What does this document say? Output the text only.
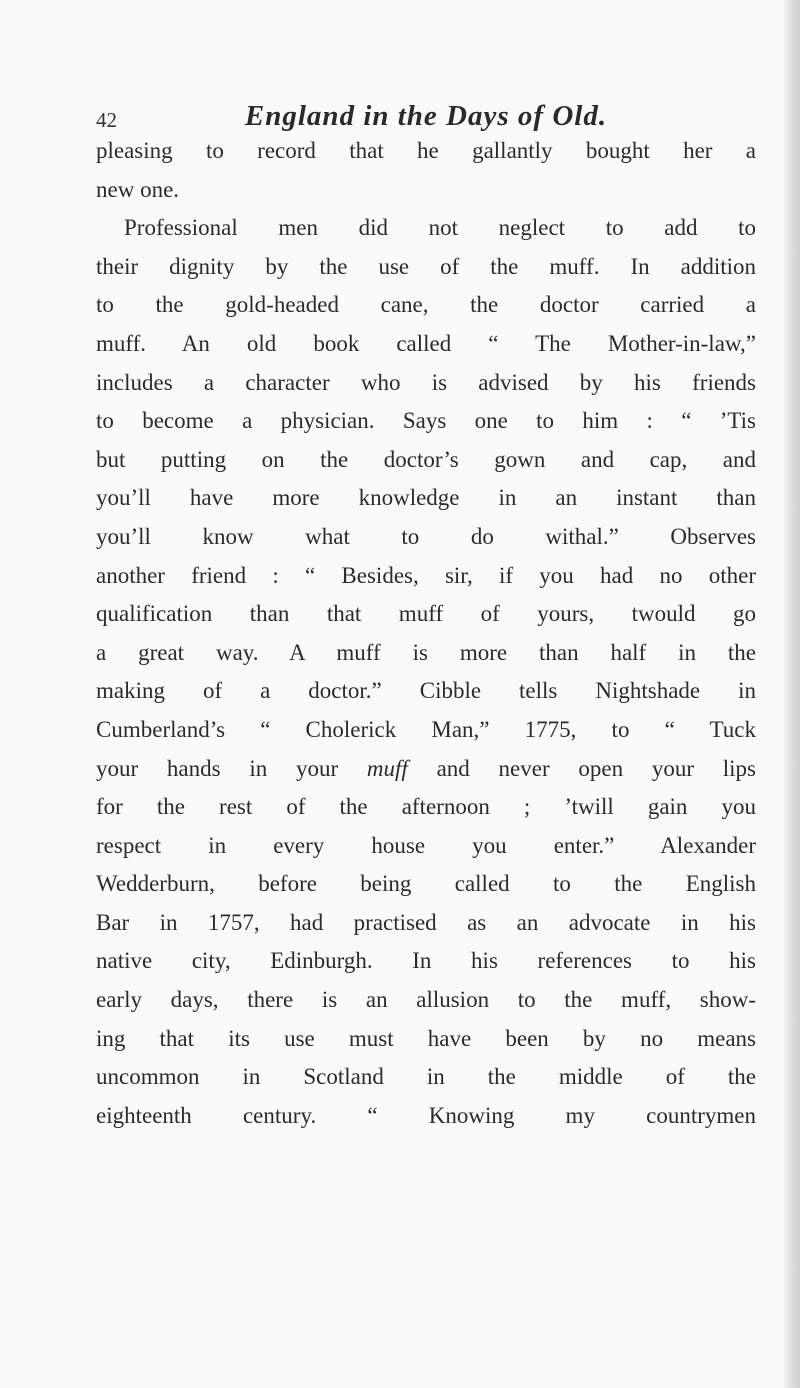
42	England in the Days of Old.
pleasing to record that he gallantly bought her a
new one.
Professional men did not neglect to add to
their dignity by the use of the muff. In addition
to the gold-headed cane, the doctor carried a
muff. An old book called “ The Mother-in-law,”
includes a character who is advised by his friends
to become a physician. Says one to him : “ ’Tis
but putting on the doctor’s gown and cap, and
you’ll have more knowledge in an instant than
you’ll know what to do withal.” Observes
another friend : “ Besides, sir, if you had no other
qualification than that muff of yours, twould go
a great way. A muff is more than half in the
making of a doctor.” Cibble tells Nightshade in
Cumberland’s “ Cholerick Man,” 1775, to “ Tuck
your hands in your muff and never open your lips
for the rest of the afternoon ; ’twill gain you
respect in every house you enter.” Alexander
Wedderburn, before being called to the English
Bar in 1757, had practised as an advocate in his
native city, Edinburgh. In his references to his
early days, there is an allusion to the muff, show-
ing that its use must have been by no means
uncommon in Scotland in the middle of the
eighteenth century. “ Knowing my countrymen
